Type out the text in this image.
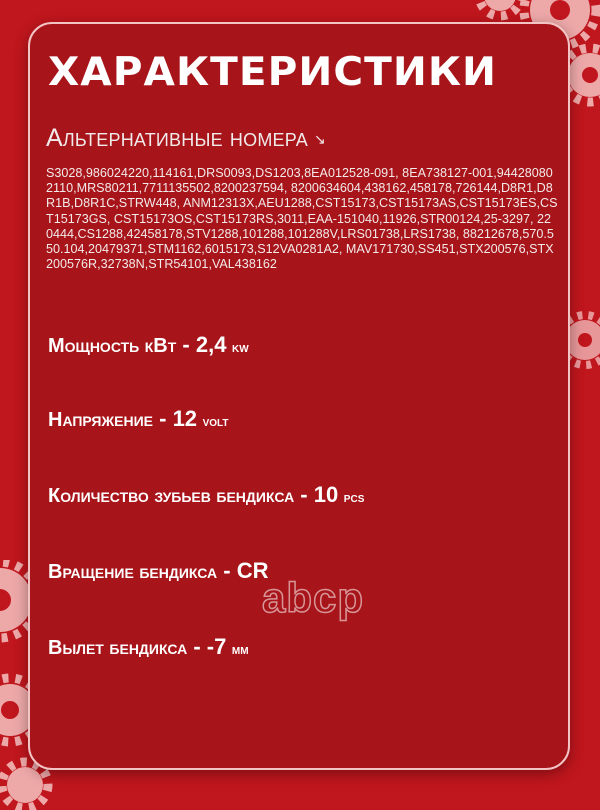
ХАРАКТЕРИСТИКИ
Альтернативные номера ↘
S3028,986024220,114161,DRS0093,DS1203,8EA012528-091, 8EA738127-001,944280802110,MRS80211,7711135502,8200237594, 8200634604,438162,458178,726144,D8R1,D8R1B,D8R1C,STRW448, ANM12313X,AEU1288,CST15173,CST15173AS,CST15173ES,CST15173GS, CST15173OS,CST15173RS,3011,EAA-151040,11926,STR00124,25-3297, 220444,CS1288,42458178,STV1288,101288,101288V,LRS01738,LRS1738, 88212678,570.550.104,20479371,STM1162,6015173,S12VA0281A2, MAV171730,SS451,STX200576,STX200576R,32738N,STR54101,VAL438162
Мощность кВт - 2,4 kw
Напряжение - 12 volt
Количество зубьев бендикса - 10 pcs
Вращение бендикса - CR
Вылет бендикса - -7 мм
abcp
